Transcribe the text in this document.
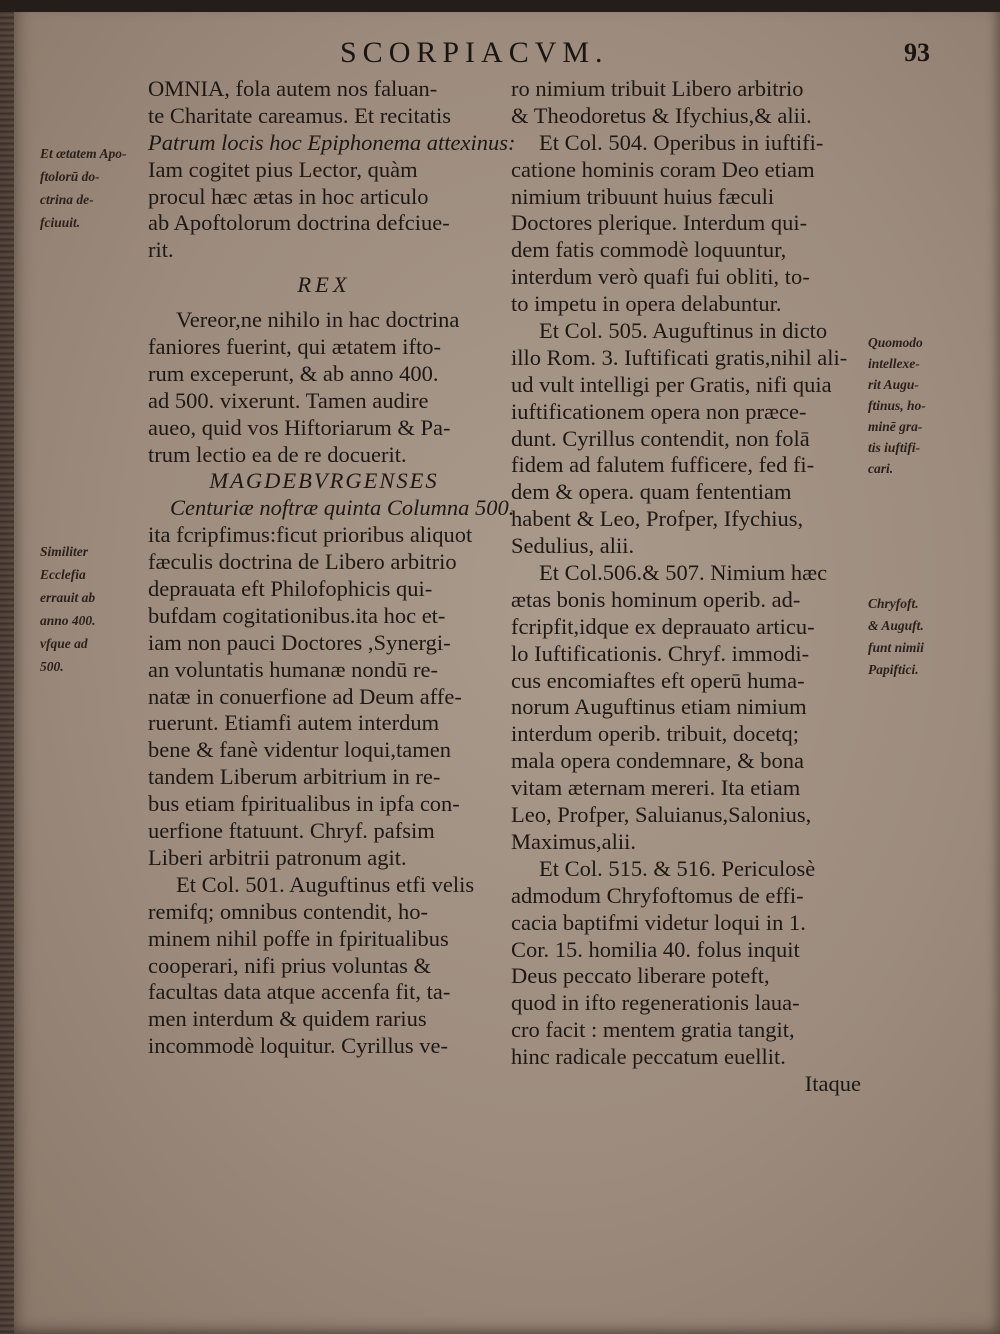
SCORPIACVM.	93
OMNIA, fola autem nos faluan-
te Charitate careamus. Et recitatis
Patrum locis hoc Epiphonema attexinus:
Iam cogitet pius Lector, quàm
procul hæc ætas in hoc articulo
ab Apoftolorum doctrina defciue-
rit.
REX
Vereor,ne nihilo in hac doctrina
faniores fuerint, qui ætatem ifto-
rum exceperunt, & ab anno 400.
ad 500. vixerunt. Tamen audire
aueo, quid vos Hiftoriarum & Pa-
trum lectio ea de re docuerit.
MAGDEBVRGENSES
Centuriæ noftræ quinta Columna 500.
ita fcripfimus:ficut prioribus aliquot
fæculis doctrina de Libero arbitrio
deprauata eft Philofophicis qui-
bufdam cogitationibus.ita hoc et-
iam non pauci Doctores ,Synergi-
an voluntatis humanæ nondū re-
natæ in conuerfione ad Deum affe-
ruerunt. Etiamfi autem interdum
bene & fanè videntur loqui,tamen
tandem Liberum arbitrium in re-
bus etiam fpiritualibus in ipfa con-
uerfione ftatuunt. Chryf. pafsim
Liberi arbitrii patronum agit.
Et Col. 501. Auguftinus etfi velis
remifq; omnibus contendit, ho-
minem nihil poffe in fpiritualibus
cooperari, nifi prius voluntas &
facultas data atque accenfa fit, ta-
men interdum & quidem rarius
incommodè loquitur. Cyrillus ve-
ro nimium tribuit Libero arbitrio
& Theodoretus & Ifychius,& alii.
Et Col. 504. Operibus in iuftifi-
catione hominis coram Deo etiam
nimium tribuunt huius fæculi
Doctores plerique. Interdum qui-
dem fatis commodè loquuntur,
interdum verò quafi fui obliti, to-
to impetu in opera delabuntur.
Et Col. 505. Auguftinus in dicto
illo Rom. 3. Iuftificati gratis,nihil ali-
ud vult intelligi per Gratis, nifi quia
iuftificationem opera non præce-
dunt. Cyrillus contendit, non folā
fidem ad falutem fufficere, fed fi-
dem & opera. quam fententiam
habent & Leo, Profper, Ifychius,
Sedulius, alii.
Et Col.506.& 507. Nimium hæc
ætas bonis hominum operib. ad-
fcripfit,idque ex deprauato articu-
lo Iuftificationis. Chryf. immodi-
cus encomiaftes eft operū huma-
norum Auguftinus etiam nimium
interdum operib. tribuit, docetq;
mala opera condemnare, & bona
vitam æternam mereri. Ita etiam
Leo, Profper, Saluianus,Salonius,
Maximus,alii.
Et Col. 515. & 516. Periculosè
admodum Chryfoftomus de effi-
cacia baptifmi videtur loqui in 1.
Cor. 15. homilia 40. folus inquit
Deus peccato liberare poteft,
quod in ifto regenerationis laua-
cro facit : mentem gratia tangit,
hinc radicale peccatum euellit.
Itaque
Et ætatem Apo-
ftolorū do-
ctrina de-
fciuuit.
Similiter
Ecclefia
errauit ab
anno 400.
vfque ad
500.
Quomodo
intellexe-
rit Augu-
ftinus, ho-
minē gra-
tis iuftifi-
cari.
Chryfoft.
& Auguft.
funt nimii
Papiftici.
